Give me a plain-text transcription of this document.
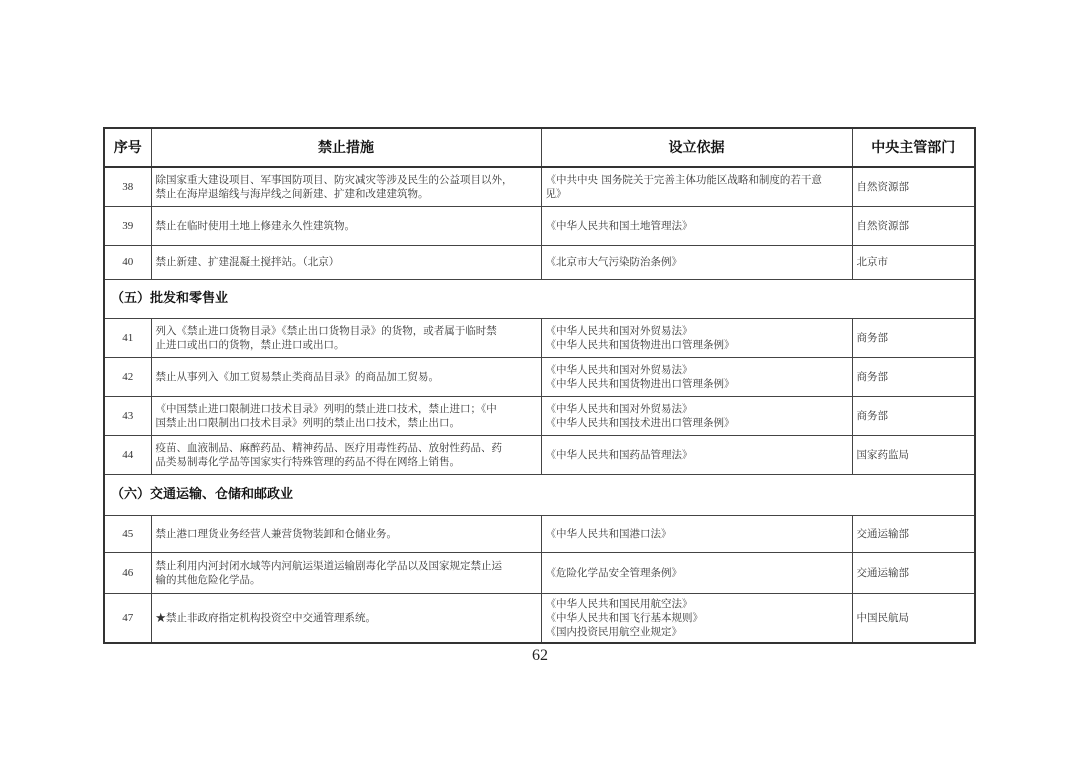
序号	禁止措施	设立依据	中央主管部门
38	除国家重大建设项目、军事国防项目、防灾减灾等涉及民生的公益项目以外，
禁止在海岸退缩线与海岸线之间新建、扩建和改建建筑物。	《中共中央 国务院关于完善主体功能区战略和制度的若干意
见》	自然资源部
39	禁止在临时使用土地上修建永久性建筑物。	《中华人民共和国土地管理法》	自然资源部
40	禁止新建、扩建混凝土搅拌站。（北京）	《北京市大气污染防治条例》	北京市
（五）批发和零售业			
41	列入《禁止进口货物目录》《禁止出口货物目录》的货物，或者属于临时禁
止进口或出口的货物，禁止进口或出口。	《中华人民共和国对外贸易法》
《中华人民共和国货物进出口管理条例》	商务部
42	禁止从事列入《加工贸易禁止类商品目录》的商品加工贸易。	《中华人民共和国对外贸易法》
《中华人民共和国货物进出口管理条例》	商务部
43	《中国禁止进口限制进口技术目录》列明的禁止进口技术，禁止进口；《中
国禁止出口限制出口技术目录》列明的禁止出口技术，禁止出口。	《中华人民共和国对外贸易法》
《中华人民共和国技术进出口管理条例》	商务部
44	疫苗、血液制品、麻醉药品、精神药品、医疗用毒性药品、放射性药品、药
品类易制毒化学品等国家实行特殊管理的药品不得在网络上销售。	《中华人民共和国药品管理法》	国家药监局
（六）交通运输、仓储和邮政业			
45	禁止港口理货业务经营人兼营货物装卸和仓储业务。	《中华人民共和国港口法》	交通运输部
46	禁止利用内河封闭水域等内河航运渠道运输剧毒化学品以及国家规定禁止运
输的其他危险化学品。	《危险化学品安全管理条例》	交通运输部
47	★禁止非政府指定机构投资空中交通管理系统。	《中华人民共和国民用航空法》
《中华人民共和国飞行基本规则》
《国内投资民用航空业规定》	中国民航局
62
